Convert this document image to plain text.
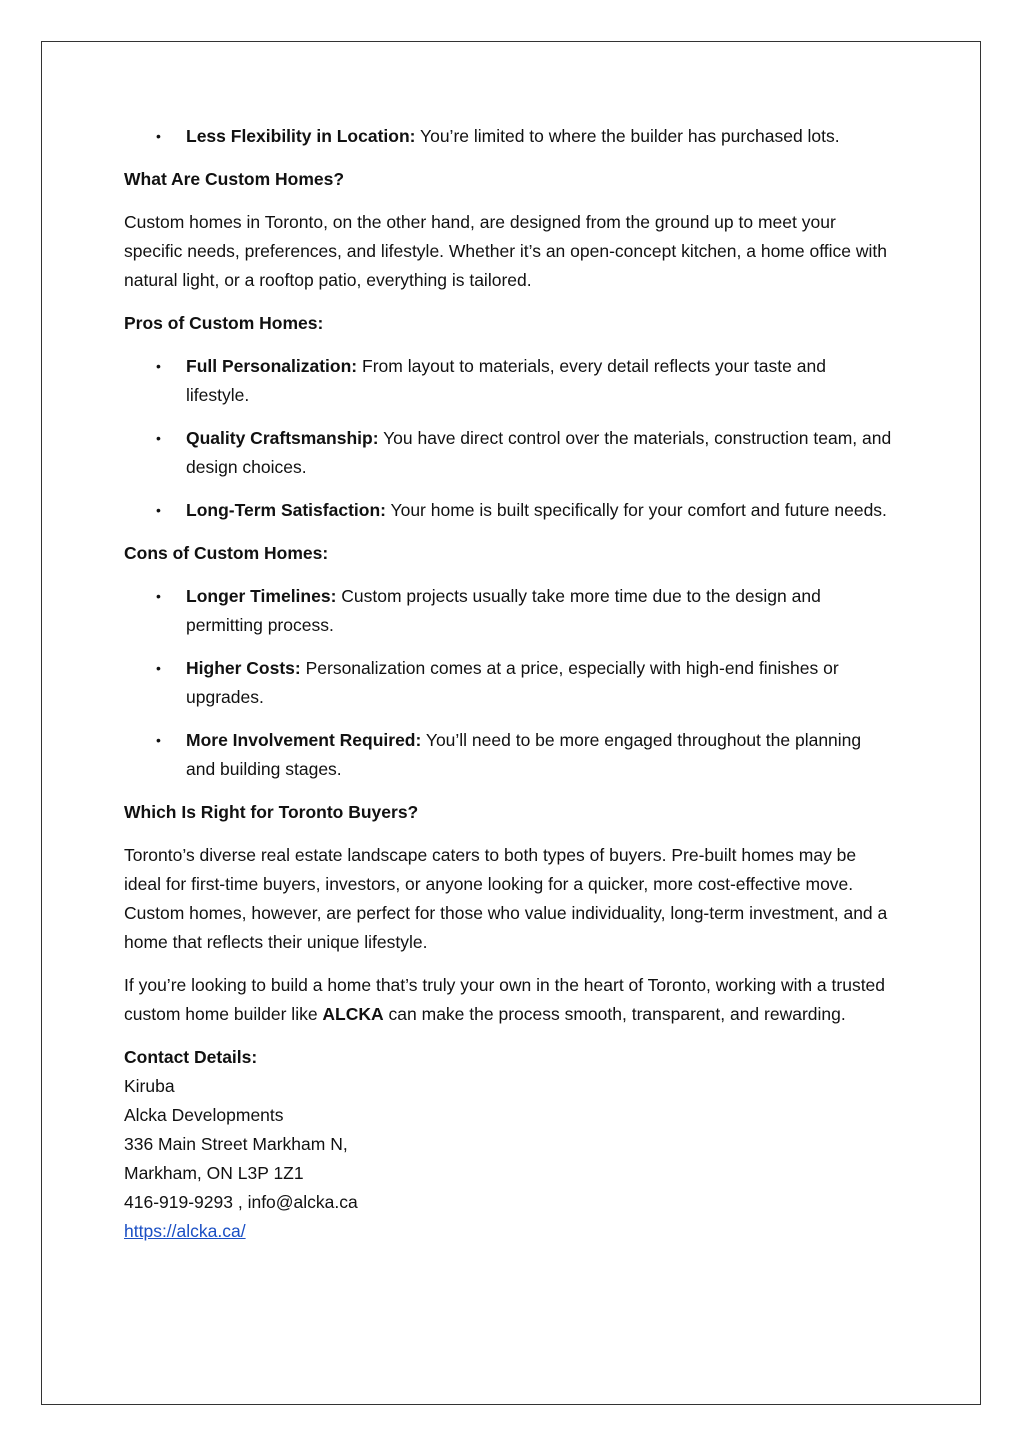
• Less Flexibility in Location: You’re limited to where the builder has purchased lots.
What Are Custom Homes?

Custom homes in Toronto, on the other hand, are designed from the ground up to meet your specific needs, preferences, and lifestyle. Whether it’s an open-concept kitchen, a home office with natural light, or a rooftop patio, everything is tailored.

Pros of Custom Homes:
• Full Personalization: From layout to materials, every detail reflects your taste and lifestyle.
• Quality Craftsmanship: You have direct control over the materials, construction team, and design choices.
• Long-Term Satisfaction: Your home is built specifically for your comfort and future needs.
Cons of Custom Homes:
• Longer Timelines: Custom projects usually take more time due to the design and permitting process.
• Higher Costs: Personalization comes at a price, especially with high-end finishes or upgrades.
• More Involvement Required: You’ll need to be more engaged throughout the planning and building stages.
Which Is Right for Toronto Buyers?

Toronto’s diverse real estate landscape caters to both types of buyers. Pre-built homes may be ideal for first-time buyers, investors, or anyone looking for a quicker, more cost-effective move. Custom homes, however, are perfect for those who value individuality, long-term investment, and a home that reflects their unique lifestyle.

If you’re looking to build a home that’s truly your own in the heart of Toronto, working with a trusted custom home builder like ALCKA can make the process smooth, transparent, and rewarding.

Contact Details:
Kiruba
Alcka Developments
336 Main Street Markham N,
Markham, ON L3P 1Z1
416-919-9293 , info@alcka.ca
https://alcka.ca/
